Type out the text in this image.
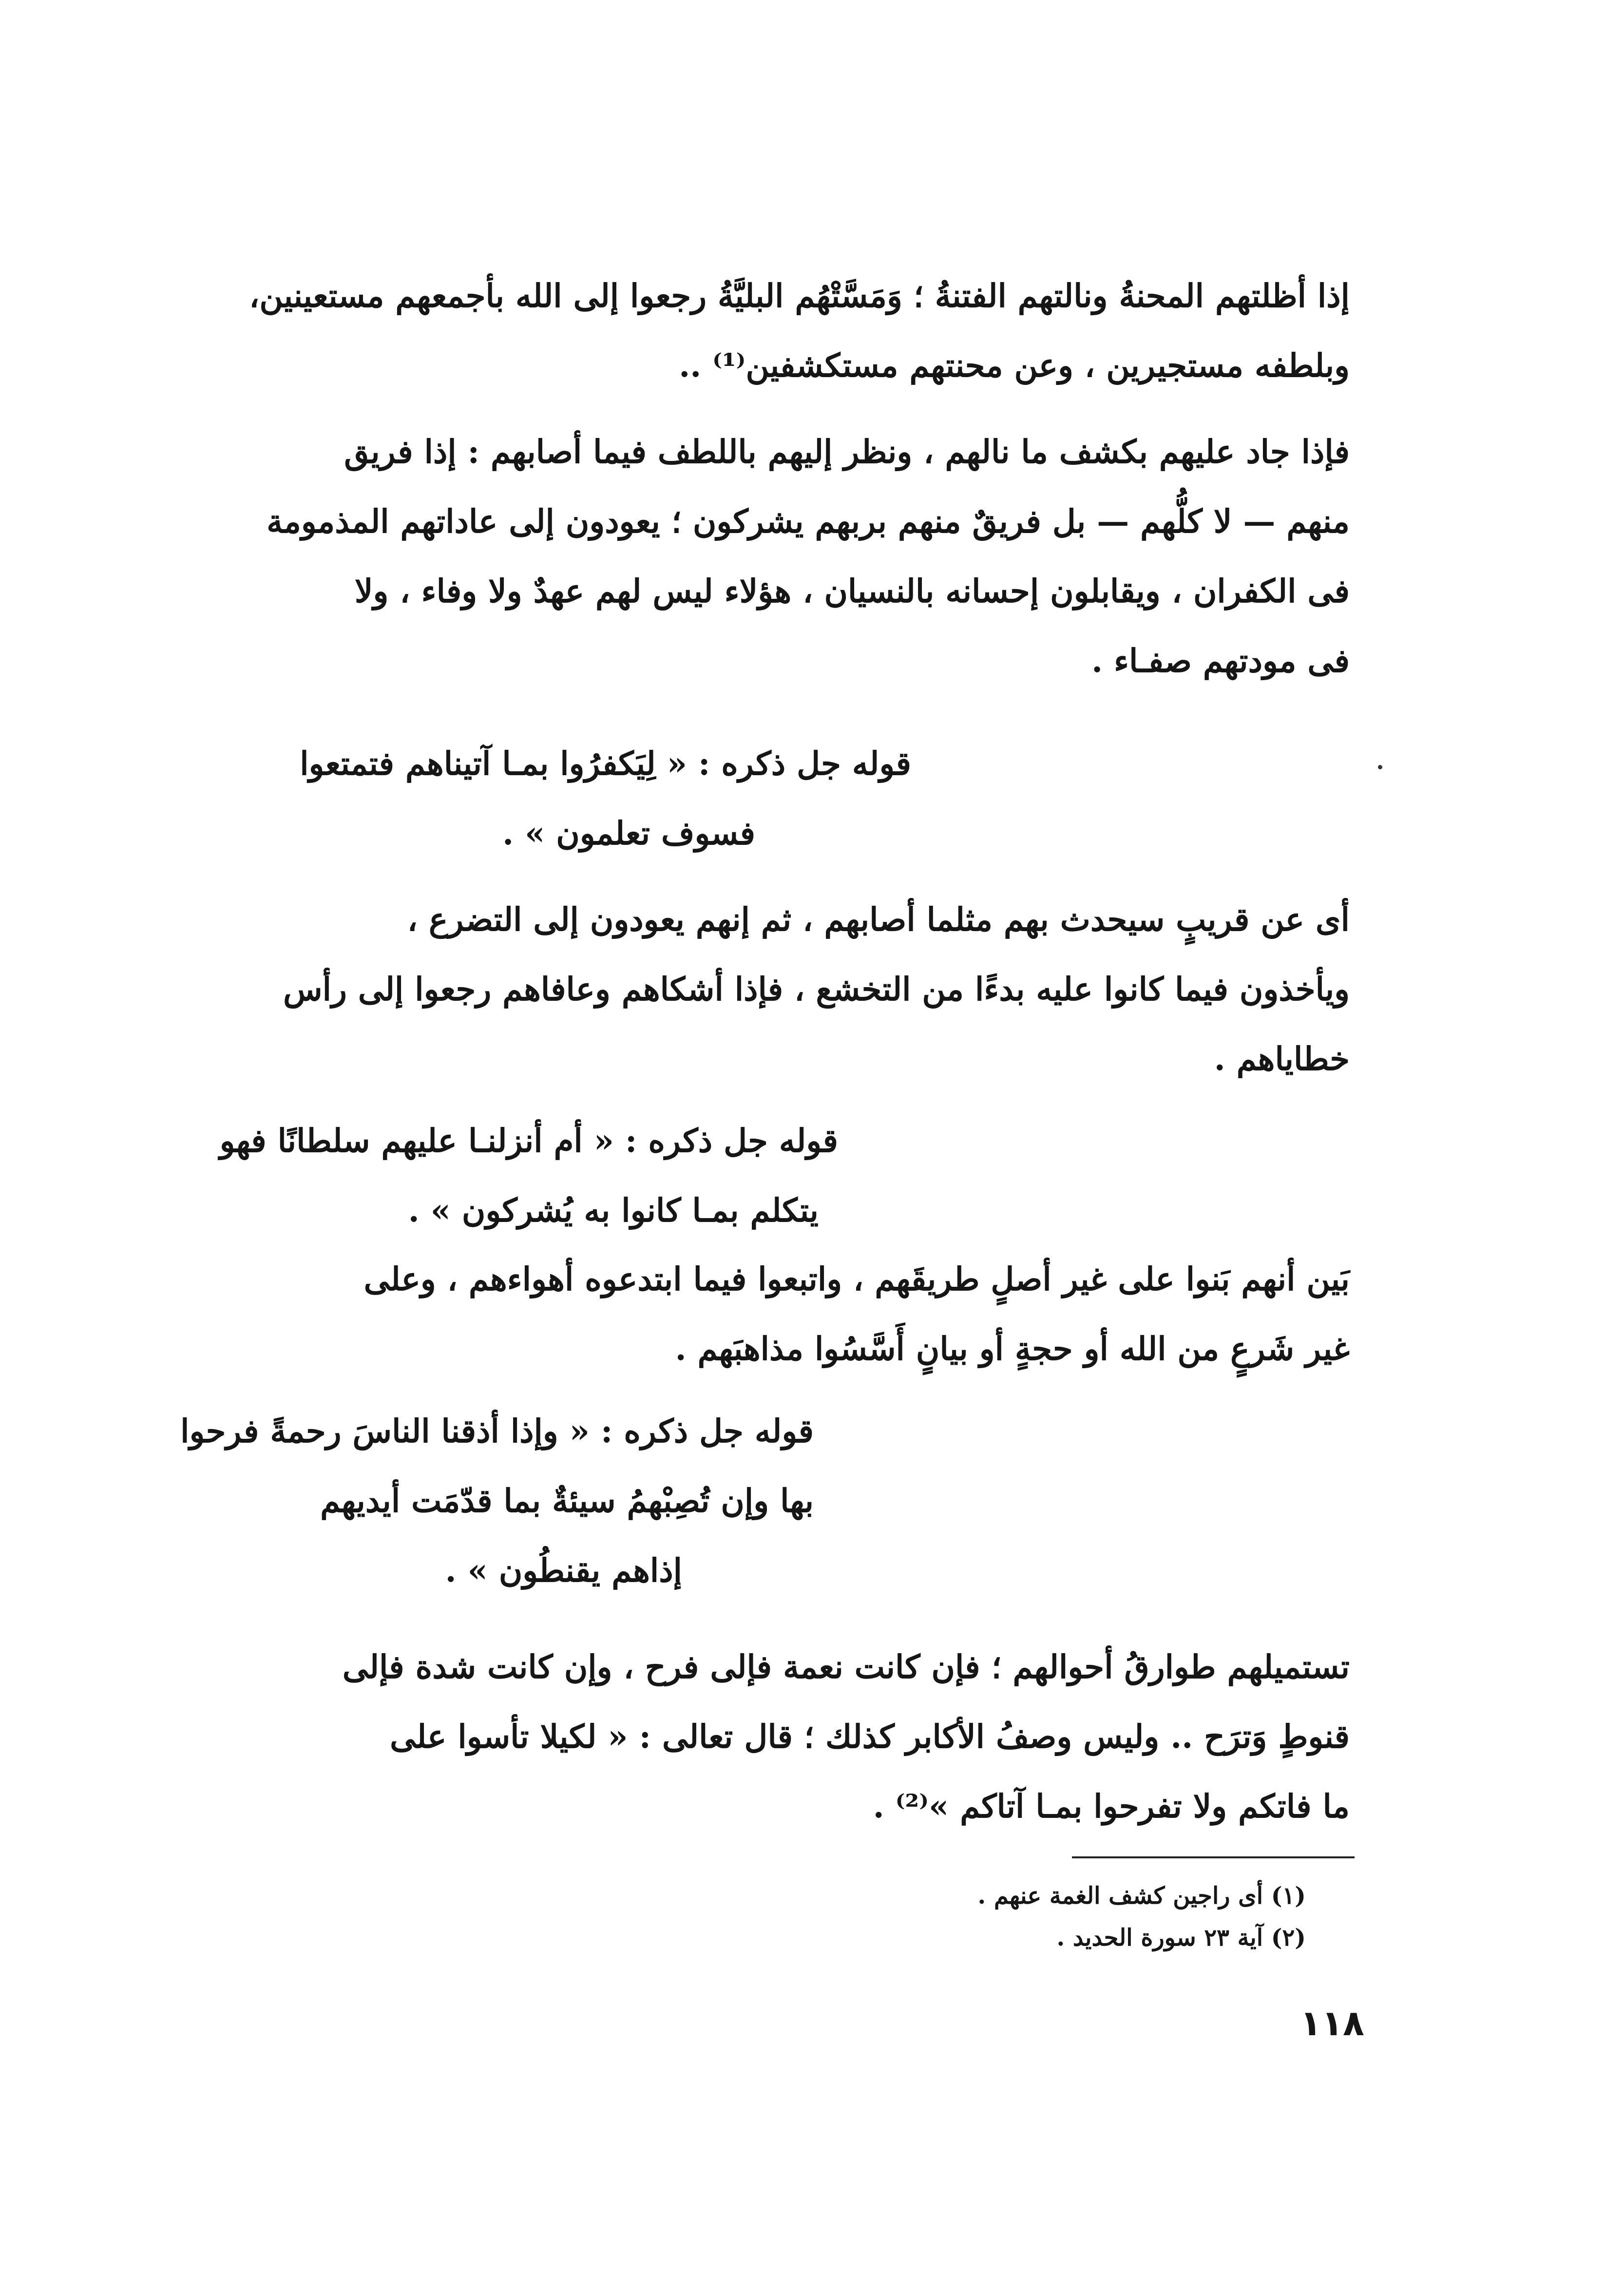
إذا أظلتهم المحنةُ ونالتهم الفتنةُ ؛ وَمَسَّتْهُم البليَّةُ رجعوا إلى الله بأجمعهم مستعينين،
وبلطفه مستجيرين ، وعن محنتهم مستكشفين⁽¹⁾ ..
فإذا جاد عليهم بكشف ما نالهم ، ونظر إليهم باللطف فيما أصابهم : إذا فريق
منهم — لا كلُّهم — بل فريقٌ منهم بربهم يشركون ؛ يعودون إلى عاداتهم المذمومة
فى الكفران ، ويقابلون إحسانه بالنسيان ، هؤلاء ليس لهم عهدٌ ولا وفاء ، ولا
فى مودتهم صفـاء .
قوله جل ذكره : « لِيَكفرُوا بمـا آتيناهم فتمتعوا
فسوف تعلمون » .
أى عن قريبٍ سيحدث بهم مثلما أصابهم ، ثم إنهم يعودون إلى التضرع ،
ويأخذون فيما كانوا عليه بدءًا من التخشع ، فإذا أشكاهم وعافاهم رجعوا إلى رأس
خطاياهم .
قوله جل ذكره : « أم أنزلنـا عليهم سلطانًا فهو
يتكلم بمـا كانوا به يُشركون » .
بَين أنهم بَنوا على غير أصلٍ طريقَهم ، واتبعوا فيما ابتدعوه أهواءهم ، وعلى
غير شَرعٍ من الله أو حجةٍ أو بيانٍ أَسَّسُوا مذاهبَهم .
قوله جل ذكره : « وإذا أذقنا الناسَ رحمةً فرحوا
بها وإن تُصِبْهمُ سيئةٌ بما قدّمَت أيديهم
إذاهم يقنطُون » .
تستميلهم طوارقُ أحوالهم ؛ فإن كانت نعمة فإلى فرح ، وإن كانت شدة فإلى
قنوطٍ وَترَح .. وليس وصفُ الأكابر كذلك ؛ قال تعالى : « لكيلا تأسوا على
ما فاتكم ولا تفرحوا بمـا آتاكم »⁽²⁾ .
(١) أى راجين كشف الغمة عنهم .
(٢) آية ٢٣ سورة الحديد .
١١٨
